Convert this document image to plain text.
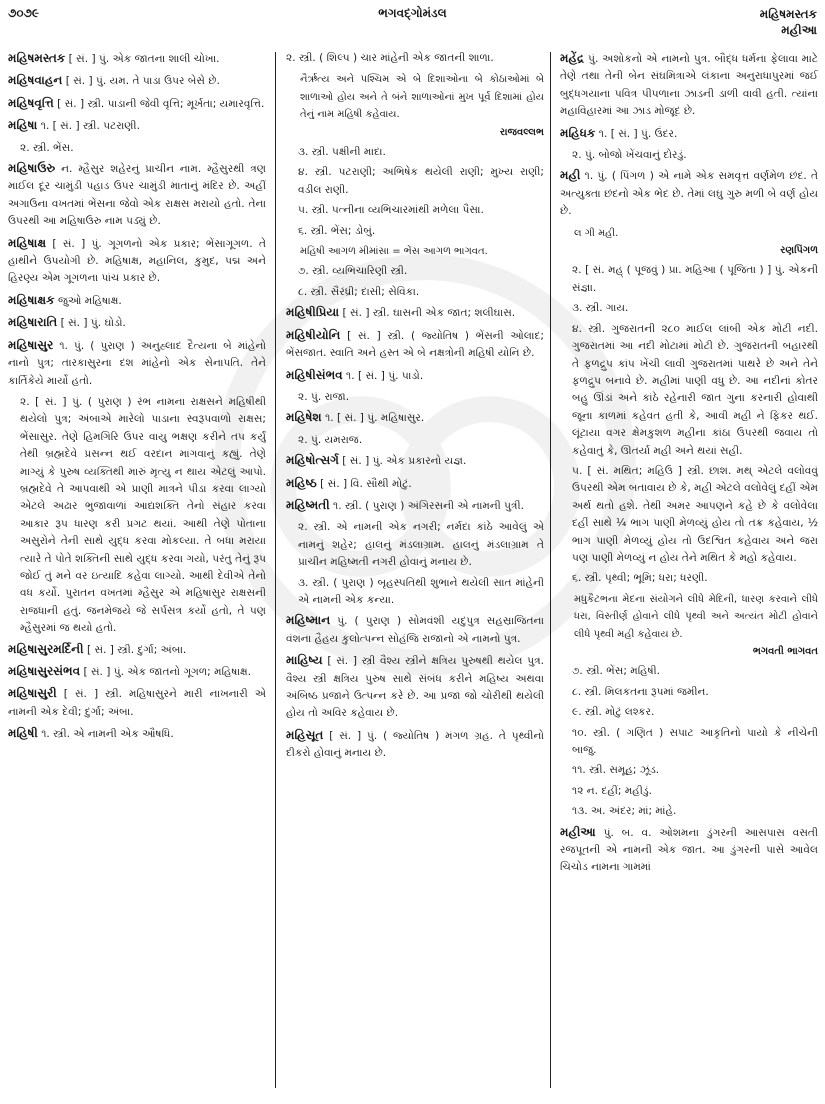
૭૦૭૯	ભગવદ્ગોમંડલ	મહિષમસ્તક
મહીઆ
મહિષમસ્તક [ સં. ] પું. એક જાતના શાલી ચોખા.
મહિષવાહન [ સં. ] પું. યમ. તે પાડા ઉપર બેસે છે.
મહિષવૃત્તિ [ સં. ] સ્ત્રી. પાડાની જેવી વૃત્તિ; મૂર્ખતા; યમારવૃત્તિ.
મહિષા ૧. [ સં. ] સ્ત્રી. પટરાણી.
૨. સ્ત્રી. ભેંસ.
મહિષાઉરુ ન. મ્હૈસુર શહેરનું પ્રાચીન નામ. મ્હૈસુરથી ત્રણ માઈલ દૂર ચામુંડી પહાડ ઉપર ચામુંડી માતાનું મંદિર છે. અહીં અગાઉના વખતમાં ભેંસના જેવો એક રાક્ષસ મરાયો હતો. તેના ઉપરથી આ મહિષાઉરુ નામ પડ્યું છે.
મહિષાક્ષ [ સં. ] પું. ગૂગળનો એક પ્રકાર; ભેંસાગૂગળ. તે હાથીને ઉપયોગી છે. મહિષાક્ષ, મહાનિલ, કુમુદ, પદ્મ અને હિરણ્ય એમ ગૂગળના પાંચ પ્રકાર છે.
મહિષાક્ષક જુઓ મહિષાક્ષ.
મહિષારાતિ [ સં. ] પું. ઘોડો.
મહિષાસુર ૧. પું. ( પુરાણ ) અનુહ્લાદ દૈત્યના બે માંહેનો નાનો પુત્ર; તારકાસુરના દશ માંહેનો એક સેનાપતિ. તેને કાર્તિકેયે માર્યો હતો.
૨. [ સં. ] પું. ( પુરાણ ) રંભ નામના રાક્ષસને મહિષીથી થયેલો પુત્ર; અંબાએ મારેલો પાડાના સ્વરૂપવાળો રાક્ષસ; ભેંસાસુર. તેણે હિમગિરિ ઉપર વાયુ ભક્ષણ કરીને તપ કર્યું તેથી બ્રહ્મદેવે પ્રસન્ન થઈ વરદાન માગવાનું કહ્યું. તેણે માગ્યું કે પુરુષ વ્યક્તિથી મારું મૃત્યુ ન થાય એટલું આપો. બ્રહ્મદેવે તે આપવાથી એ પ્રાણી માત્રને પીડા કરવા લાગ્યો એટલે અઢાર ભુજાવાળાં આદ્યશક્તિ તેનો સંહાર કરવા આકાર રૂપ ધારણ કરી પ્રગટ થયાં. આથી તેણે પોતાના અસુરોને તેની સાથે યુદ્ધ કરવા મોકલ્યા. તે બધા મરાયા ત્યારે તે પોતે શક્તિની સાથે યુદ્ધ કરવા ગયો, પરંતુ તેનું રૂપ જોઈ તું મને વર ઇત્યાદિ કહેવા લાગ્યો. આથી દેવીએ તેનો વધ કર્યો. પુરાતન વખતમાં મ્હૈસુર એ મહિષાસુર રાક્ષસની રાજધાની હતું. જનમેજયે જે સર્પસત્ર કર્યો હતો, તે પણ મ્હૈસુરમાં જ થયો હતો.
મહિષાસુરમર્દિની [ સં. ] સ્ત્રી. દુર્ગા; અંબા.
મહિષાસુરસંભવ [ સં. ] પું. એક જાતનો ગૂગળ; મહિષાક્ષ.
મહિષાસુરી [ સં. ] સ્ત્રી. મહિષાસુરને મારી નાખનારી એ નામની એક દેવી; દુર્ગા; અંબા.
મહિષી ૧. સ્ત્રી. એ નામની એક ઔષધિ.
૨. સ્ત્રી. ( શિલ્પ ) ચાર માંહેની એક જાતની શાળા.
નૈર્ઋત્ય અને પશ્ચિમ એ બે દિશાઓના બે કોઠાઓમાં બે શાળાઓ હોય અને તે બંને શાળાઓનાં મુખ પૂર્વ દિશામાં હોય તેનું નામ મહિષી કહેવાય.
રાજવલ્લભ
૩. સ્ત્રી. પક્ષીની માદા.
૪. સ્ત્રી. પટરાણી; અભિષેક થયેલી રાણી; મુખ્ય રાણી; વડીલ રાણી.
૫. સ્ત્રી. પત્નીના વ્યભિચારમાંથી મળેલા પૈસા.
૬. સ્ત્રી. ભેંસ; ડોબું.
મહિષી આગળ મીમાંસા = ભેંસ આગળ ભાગવત.
૭. સ્ત્રી. વ્યભિચારિણી સ્ત્રી.
૮. સ્ત્રી. સૈરંધ્રી; દાસી; સેવિકા.
મહિષીપ્રિયા [ સં. ] સ્ત્રી. ઘાસની એક જાત; શલીઘાસ.
મહિષીયોનિ [ સં. ] સ્ત્રી. ( જ્યોતિષ ) ભેંસની ઓલાદ; ભેંસજાત. સ્વાતિ અને હસ્ત એ બે નક્ષત્રોની મહિષી યોનિ છે.
મહિષીસંભવ ૧. [ સં. ] પું. પાડો.
૨. પું. રાજા.
મહિષેશ ૧. [ સં. ] પું. મહિષાસુર.
૨. પું. યમરાજ.
મહિષોત્સર્ગ [ સં. ] પું. એક પ્રકારનો યજ્ઞ.
મહિષ્ઠ [ સં. ] વિ. સૌથી મોટું.
મહિષ્મતી ૧. સ્ત્રી. ( પુરાણ ) અંગિરસની એ નામની પુત્રી.
૨. સ્ત્રી. એ નામની એક નગરી; નર્મદા કાંઠે આવેલું એ નામનું શહેર; હાલનું મંડલાગ્રામ. હાલનું મંડલાગ્રામ તે પ્રાચીન મહિષ્મતી નગરી હોવાનું મનાય છે.
૩. સ્ત્રી. ( પુરાણ ) બૃહસ્પતિથી શુભાને થયેલી સાત માંહેની એ નામની એક કન્યા.
મહિષ્માન પું. ( પુરાણ ) સોમવંશી યદુપુત્ર સહસ્રાજિતના વંશના હૈહય કુલોત્પન્ન સોહંજિ રાજાનો એ નામનો પુત્ર.
માહિષ્ય [ સં. ] સ્ત્રી વૈશ્ય સ્ત્રીને ક્ષત્રિય પુરુષથી થયેલ પુત્ર. વૈશ્ય સ્ત્રી ક્ષત્રિય પુરુષ સાથે સંબંધ કરીને મહિષ્ય અથવા અંબિષ્ઠ પ્રજાને ઉત્પન્ન કરે છે. આ પ્રજા જો ચોરીથી થયેલી હોય તો અવિર કહેવાય છે.
મહિસૂત [ સં. ] પું. ( જ્યોતિષ ) મંગળ ગ્રહ. તે પૃથ્વીનો દીકરો હોવાનું મનાય છે.
મહેંદ્ર પું. અશોકનો એ નામનો પુત્ર. બૌદ્ધ ધર્મના ફેલાવા માટે તેણે તથા તેની બેન સંઘમિત્રાએ લંકાના અનુરાધાપુરમાં જઈ બુદ્ધગયાના પવિત્ર પીપળાના ઝાડની ડાળી વાવી હતી. ત્યાંના મહાવિહારમાં આ ઝાડ મોજૂદ છે.
મહિધક ૧. [ સં. ] પું. ઉંદર.
૨. પું. બોજો ખેંચવાનું દોરડું.
મહી ૧. પું. ( પિંગળ ) એ નામે એક સમવૃત્ત વર્ણમેળ છંદ. તે અત્યુક્તા છંદનો એક ભેદ છે. તેમાં લઘુ ગુરુ મળી બે વર્ણ હોય છે.
લ ગી મહી.
રણપિંગળ
૨. [ સં. મહ્ ( પૂજવું ) પ્રા. મહિઆ ( પૂજિતા ) ] પું. એકની સંજ્ઞા.
૩. સ્ત્રી. ગાય.
૪. સ્ત્રી. ગુજરાતની ૨૮૦ માઈલ લાંબી એક મોટી નદી. ગુજરાતમાં આ નદી મોટામાં મોટી છે. ગુજરાતની બહારથી તે ફળદ્રુપ કાંપ ખેંચી લાવી ગુજરાતમાં પાથરે છે અને તેને ફળદ્રુપ બનાવે છે. મહીમાં પાણી વધુ છે. આ નદીનાં કોતર બહુ ઊંડાં અને કાંઠે રહેનારી જાત ગુના કરનારી હોવાથી જૂના કાળમાં કહેવત હતી કે, આવી મહી ને ફિકર થઈ. લૂંટાયા વગર ક્ષેમકુશળ મહીના કાંઠા ઉપરથી જવાય તો કહેવાતું કે, ઊતર્યા મહી અને થયાં સહી.
૫. [ સં. મથિત; મહિઉ ] સ્ત્રી. છાશ. મથ્ એટલે વલોવવું ઉપરથી એમ બતાવાય છે કે, મહી એટલે વલોવેલું દહીં એમ અર્થ થતો હશે. તેથી અમર આપણને કહે છે કે વલોવેલા દહીં સાથે ¼ ભાગ પાણી મેળવ્યું હોય તો તક્ર કહેવાય, ½ ભાગ પાણી મેળવ્યું હોય તો ઉદશ્વિત કહેવાય અને જરા પણ પાણી મેળવ્યું ન હોય તેને મથિત કે મહો કહેવાય.
૬. સ્ત્રી. પૃથ્વી; ભૂમિ; ધરા; ધરણી.
મધુકૈટભના મેદના સંયોગને લીધે મેદિની, ધારણ કરવાને લીધે ધરા, વિસ્તીર્ણ હોવાને લીધે પૃથ્વી અને અત્યંત મોટી હોવાને લીધે પૃથ્વી મહી કહેવાય છે.
ભગવતી ભાગવત
૭. સ્ત્રી. ભેંસ; મહિષી.
૮. સ્ત્રી. મિલકતના રૂપમાં જમીન.
૯. સ્ત્રી. મોટું લશ્કર.
૧૦. સ્ત્રી. ( ગણિત ) સપાટ આકૃતિનો પાયો કે નીચેની બાજુ.
૧૧. સ્ત્રી. સમૂહ; ઝૂંડ.
૧૨ ન. દહીં; મહીડું.
૧૩. અ. અંદર; માં; માંહે.
મહીઆ પું. બ. વ. ઓશમના ડુંગરની આસપાસ વસતી રજપૂતની એ નામની એક જાત. આ ડુંગરની પાસે આવેલ ચિચોડ નામના ગામમાં
